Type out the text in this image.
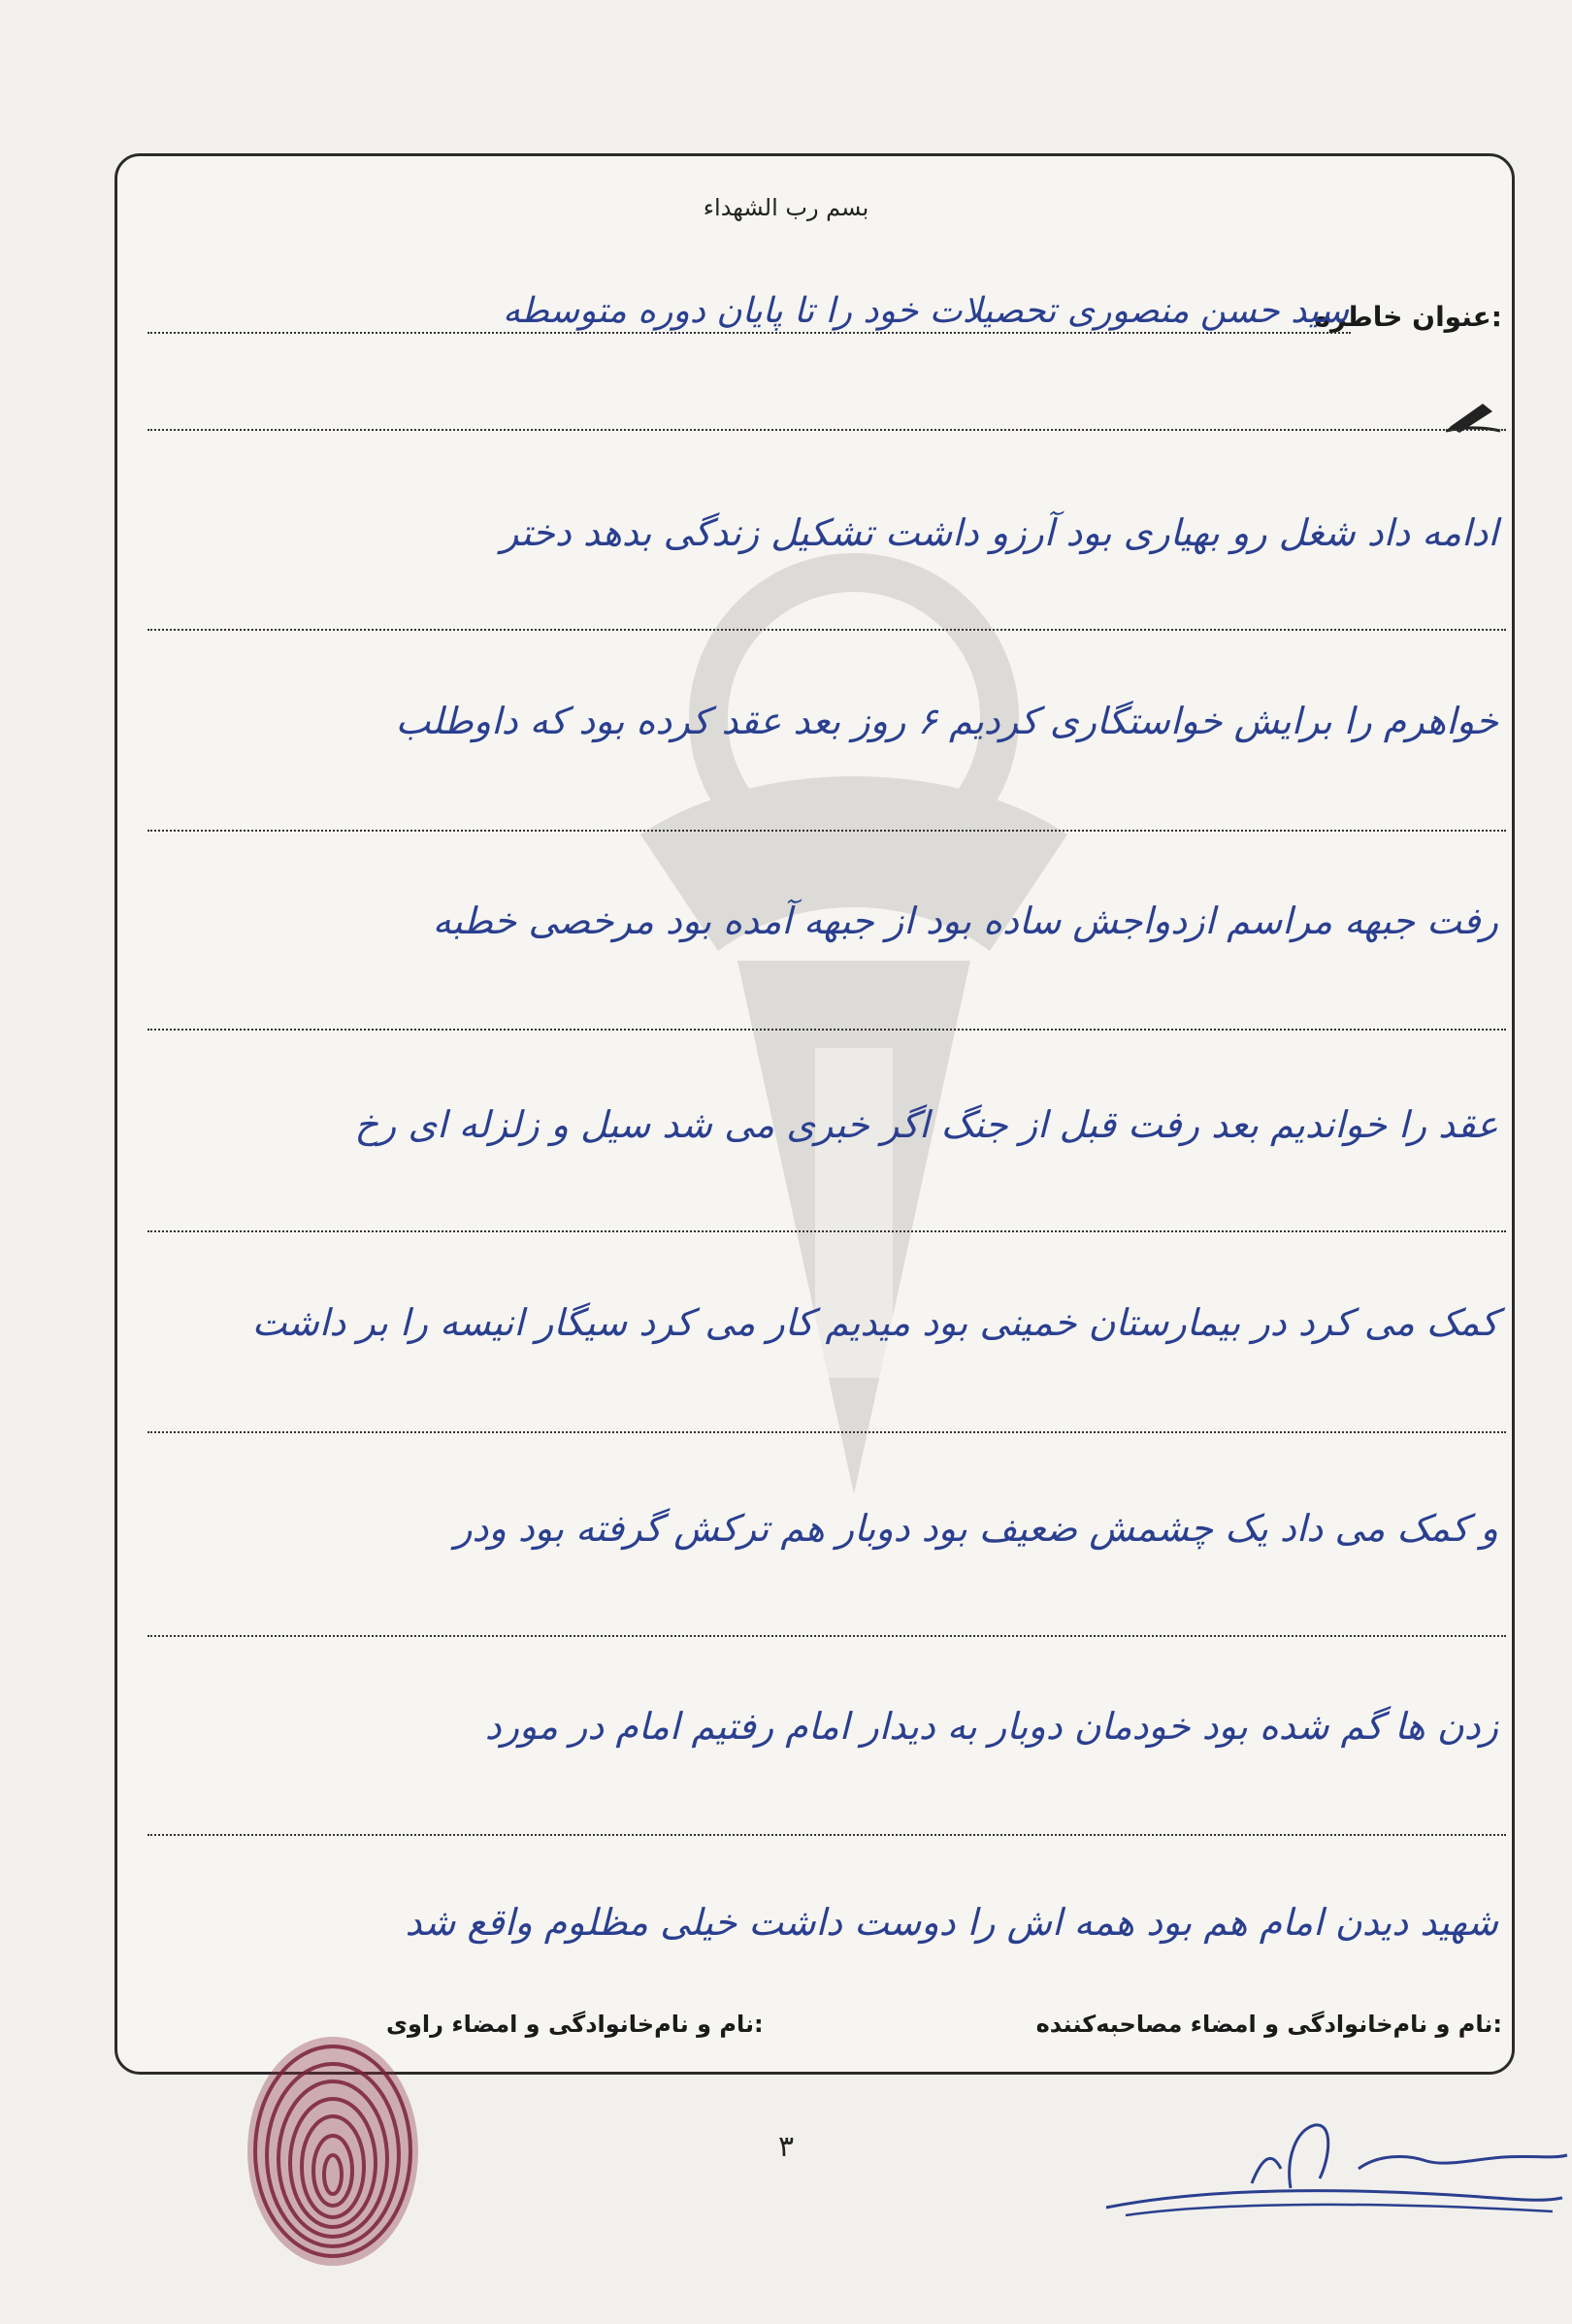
بسم رب الشهداء
عنوان خاطره:
سید حسن منصوری تحصیلات خود را تا پایان دوره متوسطه
ادامه داد شغل رو بهیاری بود آرزو داشت تشکیل زندگی بدهد دختر
خواهرم را برایش خواستگاری کردیم ۶ روز بعد عقد کرده بود که داوطلب
رفت جبهه مراسم ازدواجش ساده بود از جبهه آمده بود مرخصی خطبه
عقد را خواندیم بعد رفت قبل از جنگ اگر خبری می شد سیل و زلزله ای رخ
کمک می کرد در بیمارستان خمینی بود میدیم کار می کرد سیگار انیسه را بر داشت
و کمک می داد یک چشمش ضعیف بود دوبار هم ترکش گرفته بود ودر
زدن ها گم شده بود خودمان دوبار به دیدار امام رفتیم امام در مورد
شهید دیدن امام هم بود همه اش را دوست داشت خیلی مظلوم واقع شد
نام و نام‌خانوادگی و امضاء مصاحبه‌کننده:
نام و نام‌خانوادگی و امضاء راوی:
۳
